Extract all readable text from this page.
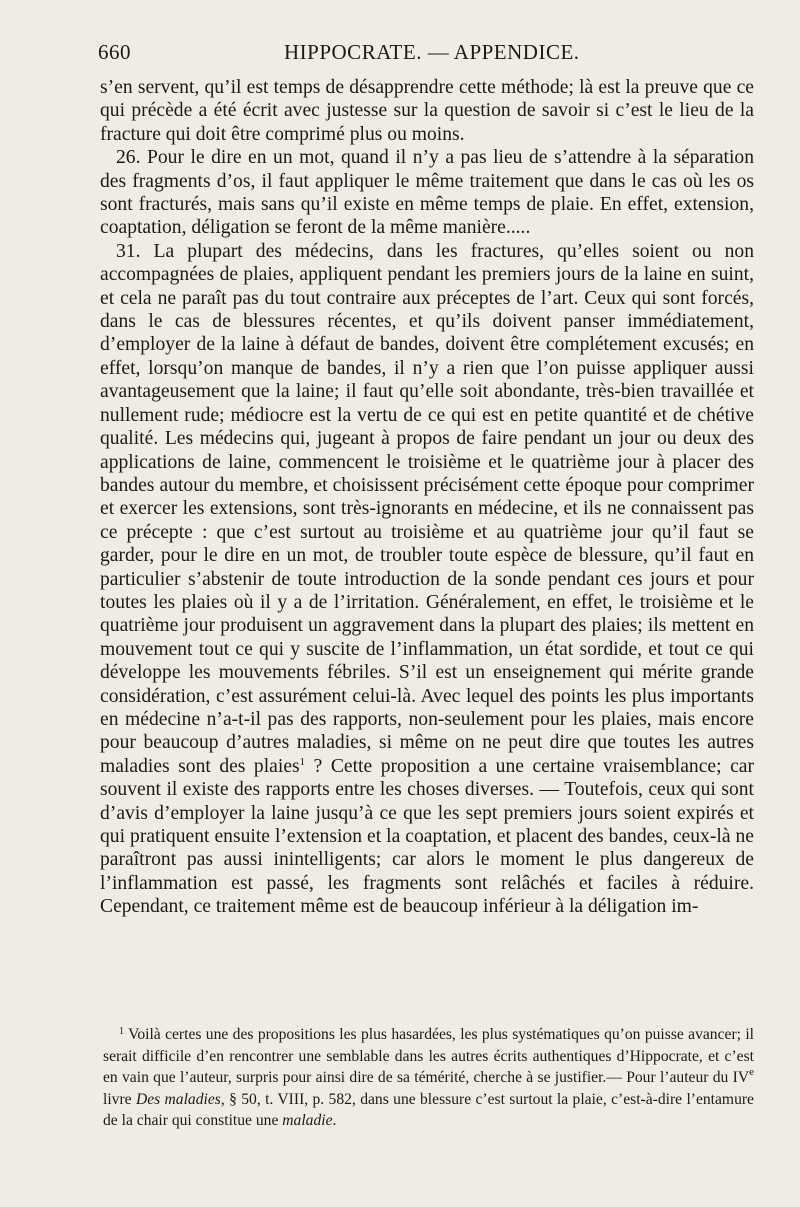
660	HIPPOCRATE. — APPENDICE.

s’en servent, qu’il est temps de désapprendre cette méthode; là est la preuve que ce qui précède a été écrit avec justesse sur la question de savoir si c’est le lieu de la fracture qui doit être comprimé plus ou moins.

26. Pour le dire en un mot, quand il n’y a pas lieu de s’attendre à la séparation des fragments d’os, il faut appliquer le même traitement que dans le cas où les os sont fracturés, mais sans qu’il existe en même temps de plaie. En effet, extension, coaptation, déligation se feront de la même manière.....

31. La plupart des médecins, dans les fractures, qu’elles soient ou non accompagnées de plaies, appliquent pendant les premiers jours de la laine en suint, et cela ne paraît pas du tout contraire aux préceptes de l’art. Ceux qui sont forcés, dans le cas de blessures récentes, et qu’ils doivent panser immédiatement, d’employer de la laine à défaut de bandes, doivent être complétement excusés; en effet, lorsqu’on manque de bandes, il n’y a rien que l’on puisse appliquer aussi avantageusement que la laine; il faut qu’elle soit abondante, très-bien travaillée et nullement rude; médiocre est la vertu de ce qui est en petite quantité et de chétive qualité. Les médecins qui, jugeant à propos de faire pendant un jour ou deux des applications de laine, commencent le troisième et le quatrième jour à placer des bandes autour du membre, et choisissent précisément cette époque pour comprimer et exercer les extensions, sont très-ignorants en médecine, et ils ne connaissent pas ce précepte : que c’est surtout au troisième et au quatrième jour qu’il faut se garder, pour le dire en un mot, de troubler toute espèce de blessure, qu’il faut en particulier s’abstenir de toute introduction de la sonde pendant ces jours et pour toutes les plaies où il y a de l’irritation. Généralement, en effet, le troisième et le quatrième jour produisent un aggravement dans la plupart des plaies; ils mettent en mouvement tout ce qui y suscite de l’inflammation, un état sordide, et tout ce qui développe les mouvements fébriles. S’il est un enseignement qui mérite grande considération, c’est assurément celui-là. Avec lequel des points les plus importants en médecine n’a-t-il pas des rapports, non-seulement pour les plaies, mais encore pour beaucoup d’autres maladies, si même on ne peut dire que toutes les autres maladies sont des plaies$^1$ ? Cette proposition a une certaine vraisemblance; car souvent il existe des rapports entre les choses diverses. — Toutefois, ceux qui sont d’avis d’employer la laine jusqu’à ce que les sept premiers jours soient expirés et qui pratiquent ensuite l’extension et la coaptation, et placent des bandes, ceux-là ne paraîtront pas aussi inintelligents; car alors le moment le plus dangereux de l’inflammation est passé, les fragments sont relâchés et faciles à réduire. Cependant, ce traitement même est de beaucoup inférieur à la déligation im-

$^1$ Voilà certes une des propositions les plus hasardées, les plus systématiques qu’on puisse avancer; il serait difficile d’en rencontrer une semblable dans les autres écrits authentiques d’Hippocrate, et c’est en vain que l’auteur, surpris pour ainsi dire de sa témérité, cherche à se justifier.— Pour l’auteur du IVe livre Des maladies, § 50, t. VIII, p. 582, dans une blessure c’est surtout la plaie, c’est-à-dire l’entamure de la chair qui constitue une maladie.
